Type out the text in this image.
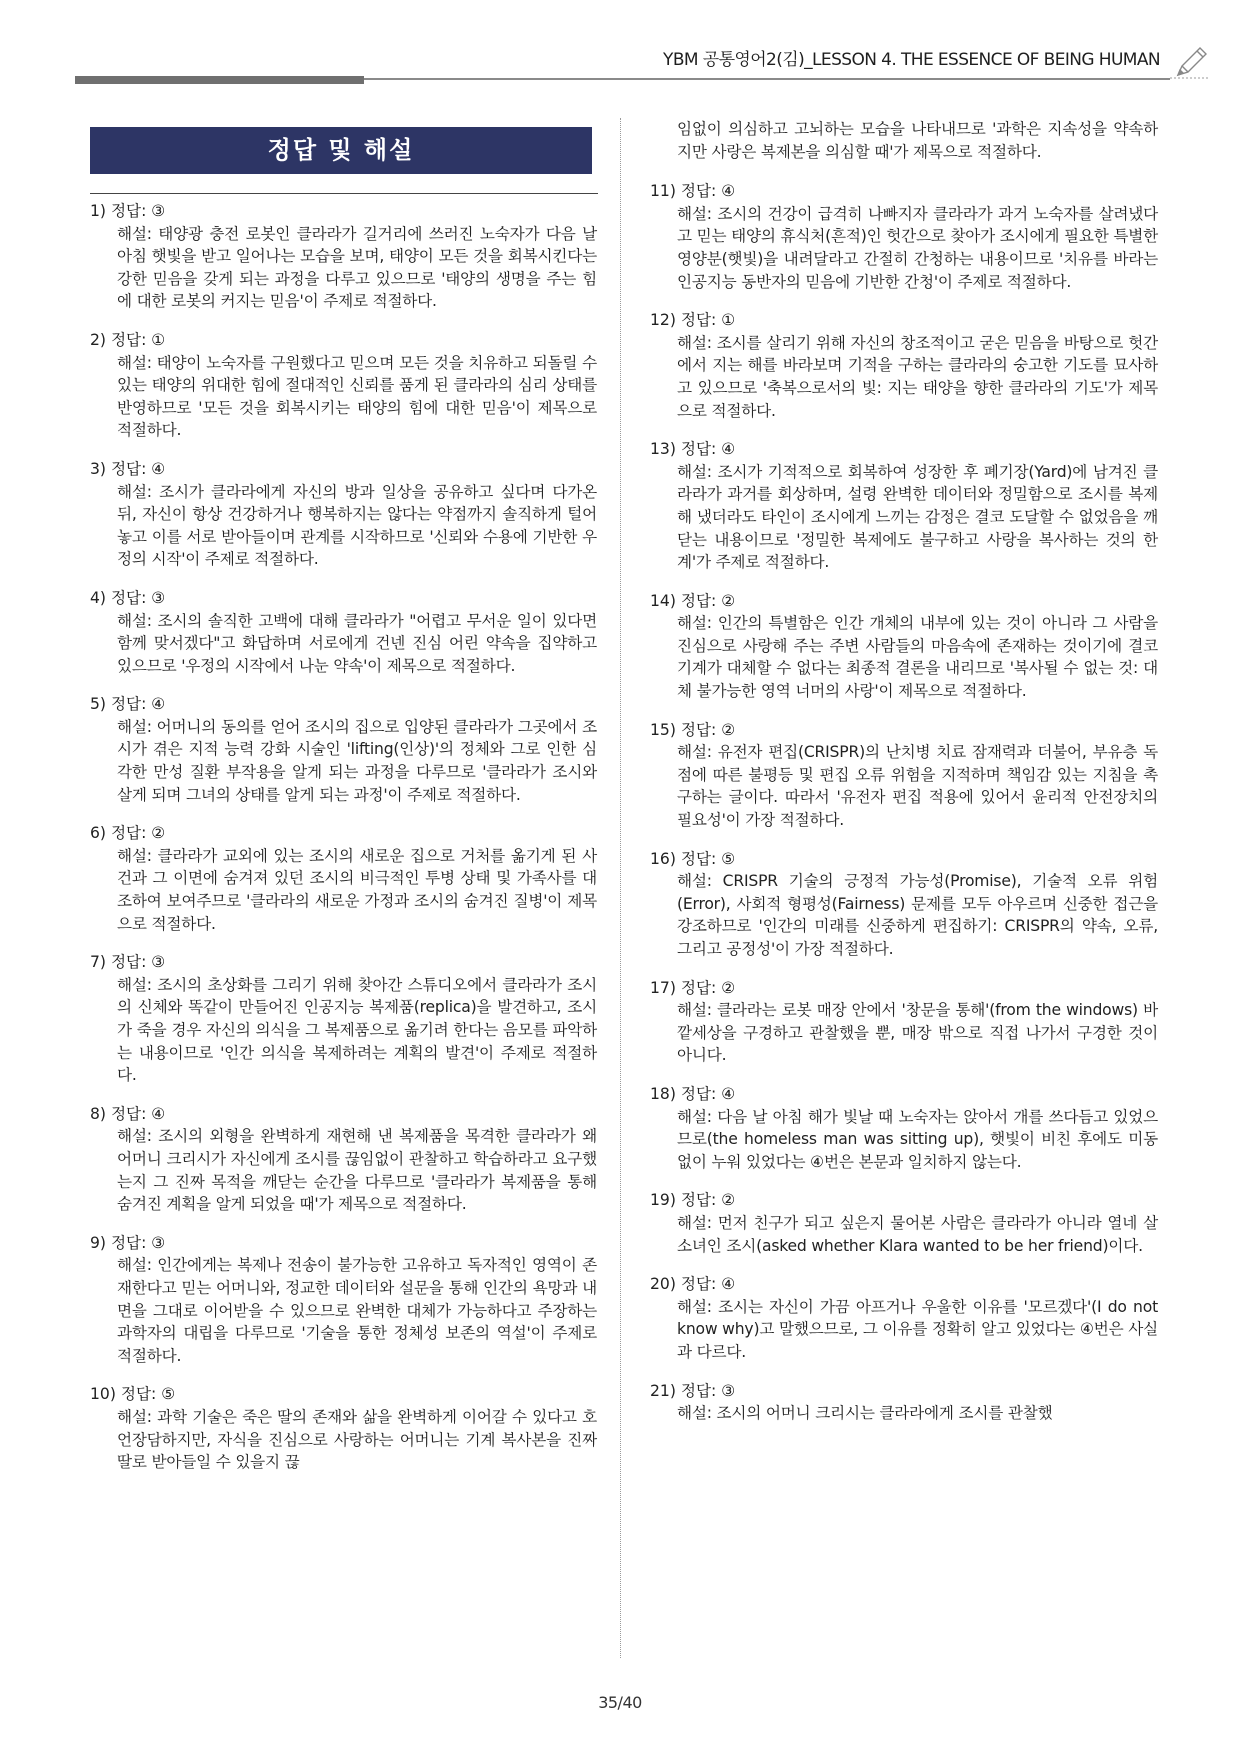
YBM 공통영어2(김)_LESSON 4. THE ESSENCE OF BEING HUMAN
정답 및 해설
1) 정답: ③
해설: 태양광 충전 로봇인 클라라가 길거리에 쓰러진 노숙자가 다음 날 아침 햇빛을 받고 일어나는 모습을 보며, 태양이 모든 것을 회복시킨다는 강한 믿음을 갖게 되는 과정을 다루고 있으므로 '태양의 생명을 주는 힘에 대한 로봇의 커지는 믿음'이 주제로 적절하다.
2) 정답: ①
해설: 태양이 노숙자를 구원했다고 믿으며 모든 것을 치유하고 되돌릴 수 있는 태양의 위대한 힘에 절대적인 신뢰를 품게 된 클라라의 심리 상태를 반영하므로 '모든 것을 회복시키는 태양의 힘에 대한 믿음'이 제목으로 적절하다.
3) 정답: ④
해설: 조시가 클라라에게 자신의 방과 일상을 공유하고 싶다며 다가온 뒤, 자신이 항상 건강하거나 행복하지는 않다는 약점까지 솔직하게 털어놓고 이를 서로 받아들이며 관계를 시작하므로 '신뢰와 수용에 기반한 우정의 시작'이 주제로 적절하다.
4) 정답: ③
해설: 조시의 솔직한 고백에 대해 클라라가 "어렵고 무서운 일이 있다면 함께 맞서겠다"고 화답하며 서로에게 건넨 진심 어린 약속을 집약하고 있으므로 '우정의 시작에서 나눈 약속'이 제목으로 적절하다.
5) 정답: ④
해설: 어머니의 동의를 얻어 조시의 집으로 입양된 클라라가 그곳에서 조시가 겪은 지적 능력 강화 시술인 'lifting(인상)'의 정체와 그로 인한 심각한 만성 질환 부작용을 알게 되는 과정을 다루므로 '클라라가 조시와 살게 되며 그녀의 상태를 알게 되는 과정'이 주제로 적절하다.
6) 정답: ②
해설: 클라라가 교외에 있는 조시의 새로운 집으로 거처를 옮기게 된 사건과 그 이면에 숨겨져 있던 조시의 비극적인 투병 상태 및 가족사를 대조하여 보여주므로 '클라라의 새로운 가정과 조시의 숨겨진 질병'이 제목으로 적절하다.
7) 정답: ③
해설: 조시의 초상화를 그리기 위해 찾아간 스튜디오에서 클라라가 조시의 신체와 똑같이 만들어진 인공지능 복제품(replica)을 발견하고, 조시가 죽을 경우 자신의 의식을 그 복제품으로 옮기려 한다는 음모를 파악하는 내용이므로 '인간 의식을 복제하려는 계획의 발견'이 주제로 적절하다.
8) 정답: ④
해설: 조시의 외형을 완벽하게 재현해 낸 복제품을 목격한 클라라가 왜 어머니 크리시가 자신에게 조시를 끊임없이 관찰하고 학습하라고 요구했는지 그 진짜 목적을 깨닫는 순간을 다루므로 '클라라가 복제품을 통해 숨겨진 계획을 알게 되었을 때'가 제목으로 적절하다.
9) 정답: ③
해설: 인간에게는 복제나 전송이 불가능한 고유하고 독자적인 영역이 존재한다고 믿는 어머니와, 정교한 데이터와 설문을 통해 인간의 욕망과 내면을 그대로 이어받을 수 있으므로 완벽한 대체가 가능하다고 주장하는 과학자의 대립을 다루므로 '기술을 통한 정체성 보존의 역설'이 주제로 적절하다.
10) 정답: ⑤
해설: 과학 기술은 죽은 딸의 존재와 삶을 완벽하게 이어갈 수 있다고 호언장담하지만, 자식을 진심으로 사랑하는 어머니는 기계 복사본을 진짜 딸로 받아들일 수 있을지 끊
임없이 의심하고 고뇌하는 모습을 나타내므로 '과학은 지속성을 약속하지만 사랑은 복제본을 의심할 때'가 제목으로 적절하다.
11) 정답: ④
해설: 조시의 건강이 급격히 나빠지자 클라라가 과거 노숙자를 살려냈다고 믿는 태양의 휴식처(흔적)인 헛간으로 찾아가 조시에게 필요한 특별한 영양분(햇빛)을 내려달라고 간절히 간청하는 내용이므로 '치유를 바라는 인공지능 동반자의 믿음에 기반한 간청'이 주제로 적절하다.
12) 정답: ①
해설: 조시를 살리기 위해 자신의 창조적이고 굳은 믿음을 바탕으로 헛간에서 지는 해를 바라보며 기적을 구하는 클라라의 숭고한 기도를 묘사하고 있으므로 '축복으로서의 빛: 지는 태양을 향한 클라라의 기도'가 제목으로 적절하다.
13) 정답: ④
해설: 조시가 기적적으로 회복하여 성장한 후 폐기장(Yard)에 남겨진 클라라가 과거를 회상하며, 설령 완벽한 데이터와 정밀함으로 조시를 복제해 냈더라도 타인이 조시에게 느끼는 감정은 결코 도달할 수 없었음을 깨닫는 내용이므로 '정밀한 복제에도 불구하고 사랑을 복사하는 것의 한계'가 주제로 적절하다.
14) 정답: ②
해설: 인간의 특별함은 인간 개체의 내부에 있는 것이 아니라 그 사람을 진심으로 사랑해 주는 주변 사람들의 마음속에 존재하는 것이기에 결코 기계가 대체할 수 없다는 최종적 결론을 내리므로 '복사될 수 없는 것: 대체 불가능한 영역 너머의 사랑'이 제목으로 적절하다.
15) 정답: ②
해설: 유전자 편집(CRISPR)의 난치병 치료 잠재력과 더불어, 부유층 독점에 따른 불평등 및 편집 오류 위험을 지적하며 책임감 있는 지침을 촉구하는 글이다. 따라서 '유전자 편집 적용에 있어서 윤리적 안전장치의 필요성'이 가장 적절하다.
16) 정답: ⑤
해설: CRISPR 기술의 긍정적 가능성(Promise), 기술적 오류 위험(Error), 사회적 형평성(Fairness) 문제를 모두 아우르며 신중한 접근을 강조하므로 '인간의 미래를 신중하게 편집하기: CRISPR의 약속, 오류, 그리고 공정성'이 가장 적절하다.
17) 정답: ②
해설: 클라라는 로봇 매장 안에서 '창문을 통해'(from the windows) 바깥세상을 구경하고 관찰했을 뿐, 매장 밖으로 직접 나가서 구경한 것이 아니다.
18) 정답: ④
해설: 다음 날 아침 해가 빛날 때 노숙자는 앉아서 개를 쓰다듬고 있었으므로(the homeless man was sitting up), 햇빛이 비친 후에도 미동 없이 누워 있었다는 ④번은 본문과 일치하지 않는다.
19) 정답: ②
해설: 먼저 친구가 되고 싶은지 물어본 사람은 클라라가 아니라 열네 살 소녀인 조시(asked whether Klara wanted to be her friend)이다.
20) 정답: ④
해설: 조시는 자신이 가끔 아프거나 우울한 이유를 '모르겠다'(I do not know why)고 말했으므로, 그 이유를 정확히 알고 있었다는 ④번은 사실과 다르다.
21) 정답: ③
해설: 조시의 어머니 크리시는 클라라에게 조시를 관찰했
35/40
